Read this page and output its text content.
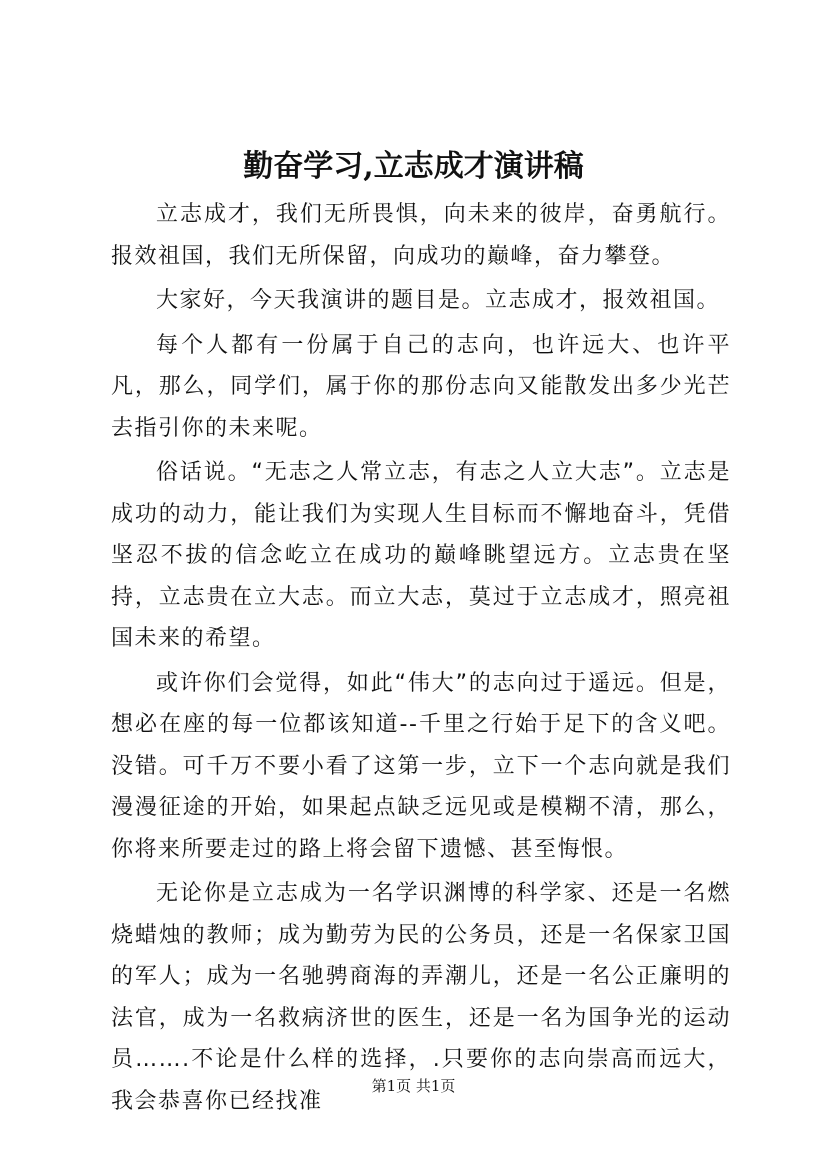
勤奋学习,立志成才演讲稿

立志成才，我们无所畏惧，向未来的彼岸，奋勇航行。报效祖国，我们无所保留，向成功的巅峰，奋力攀登。

大家好，今天我演讲的题目是。立志成才，报效祖国。

每个人都有一份属于自己的志向，也许远大、也许平凡，那么，同学们，属于你的那份志向又能散发出多少光芒去指引你的未来呢。

俗话说。“无志之人常立志，有志之人立大志”。立志是成功的动力，能让我们为实现人生目标而不懈地奋斗，凭借坚忍不拔的信念屹立在成功的巅峰眺望远方。立志贵在坚持，立志贵在立大志。而立大志，莫过于立志成才，照亮祖国未来的希望。

或许你们会觉得，如此“伟大”的志向过于遥远。但是，想必在座的每一位都该知道--千里之行始于足下的含义吧。没错。可千万不要小看了这第一步，立下一个志向就是我们漫漫征途的开始，如果起点缺乏远见或是模糊不清，那么，你将来所要走过的路上将会留下遗憾、甚至悔恨。

无论你是立志成为一名学识渊博的科学家、还是一名燃烧蜡烛的教师；成为勤劳为民的公务员，还是一名保家卫国的军人；成为一名驰骋商海的弄潮儿，还是一名公正廉明的法官，成为一名救病济世的医生，还是一名为国争光的运动员…….不论是什么样的选择，.只要你的志向崇高而远大，我会恭喜你已经找准

第1页 共1页
